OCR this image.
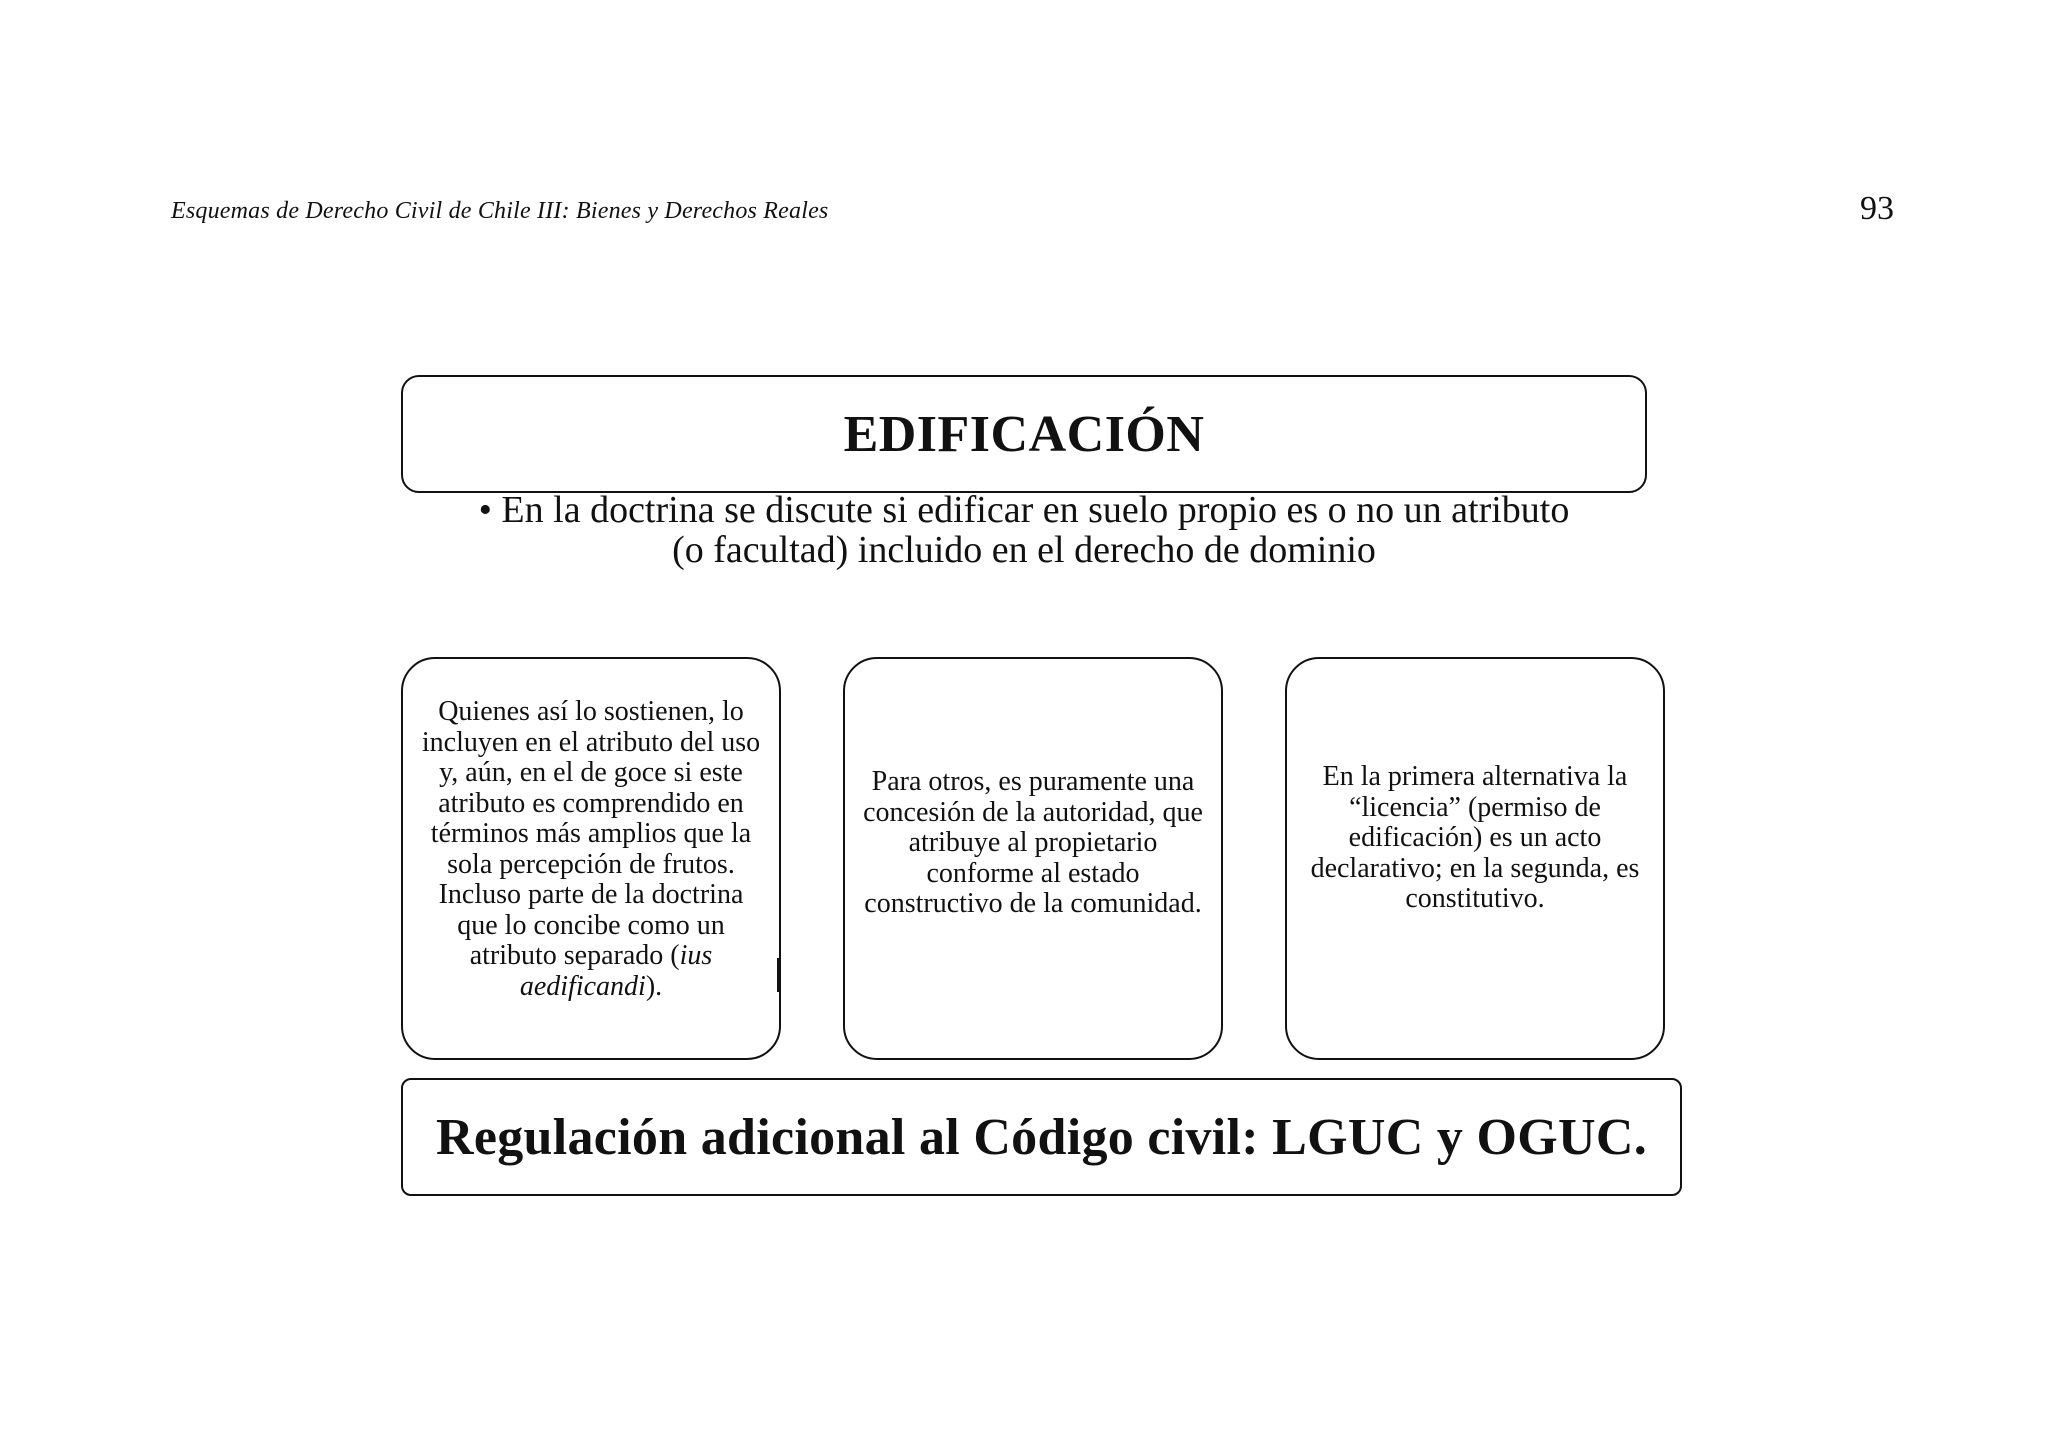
Esquemas de Derecho Civil de Chile III: Bienes y Derechos Reales	93
EDIFICACIÓN
• En la doctrina se discute si edificar en suelo propio es o no un atributo
(o facultad) incluido en el derecho de dominio
Quienes así lo sostienen, lo incluyen en el atributo del uso y, aún, en el de goce si este atributo es comprendido en términos más amplios que la sola percepción de frutos. Incluso parte de la doctrina que lo concibe como un atributo separado (ius aedificandi).
Para otros, es puramente una concesión de la autoridad, que atribuye al propietario conforme al estado constructivo de la comunidad.
En la primera alternativa la “licencia” (permiso de edificación) es un acto declarativo; en la segunda, es constitutivo.
Regulación adicional al Código civil: LGUC y OGUC.
